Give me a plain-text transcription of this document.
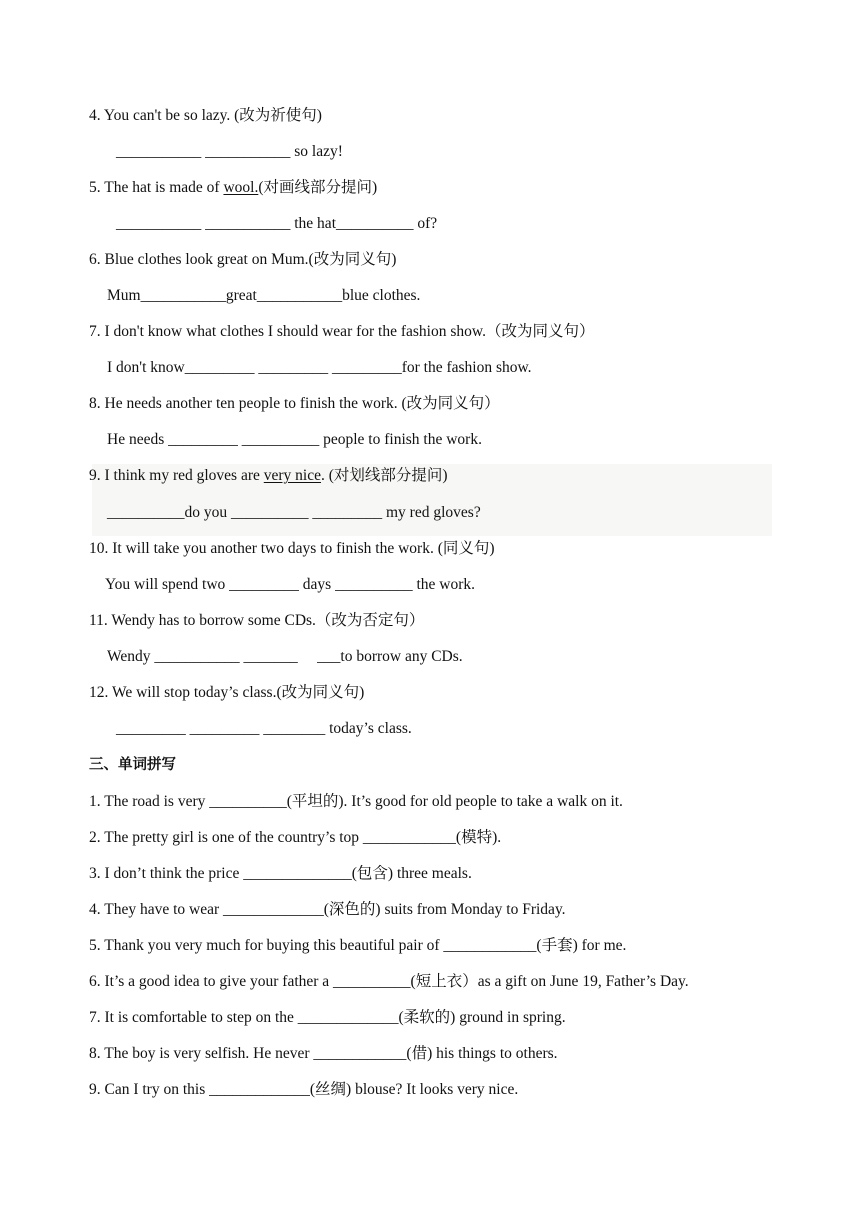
4. You can't be so lazy. (改为祈使句)
___________ ___________ so lazy!
5. The hat is made of wool.(对画线部分提问)
___________ ___________ the hat__________ of?
6. Blue clothes look great on Mum.(改为同义句)
Mum___________great___________blue clothes.
7. I don't know what clothes I should wear for the fashion show.（改为同义句）
I don't know_________ _________ _________for the fashion show.
8. He needs another ten people to finish the work. (改为同义句）
He needs _________ __________ people to finish the work.
9. I think my red gloves are very nice. (对划线部分提问)
__________do you __________ _________ my red gloves?
10. It will take you another two days to finish the work. (同义句)
You will spend two _________ days __________ the work.
11. Wendy has to borrow some CDs.（改为否定句）
Wendy ___________ _______     ___to borrow any CDs.
12. We will stop today’s class.(改为同义句)
_________ _________ ________ today’s class.
三、单词拼写
1. The road is very __________(平坦的). It’s good for old people to take a walk on it.
2. The pretty girl is one of the country’s top ____________(模特).
3. I don’t think the price ______________(包含) three meals.
4. They have to wear _____________(深色的) suits from Monday to Friday.
5. Thank you very much for buying this beautiful pair of ____________(手套) for me.
6. It’s a good idea to give your father a __________(短上衣）as a gift on June 19, Father’s Day.
7. It is comfortable to step on the _____________(柔软的) ground in spring.
8. The boy is very selfish. He never ____________(借) his things to others.
9. Can I try on this _____________(丝绸) blouse? It looks very nice.
